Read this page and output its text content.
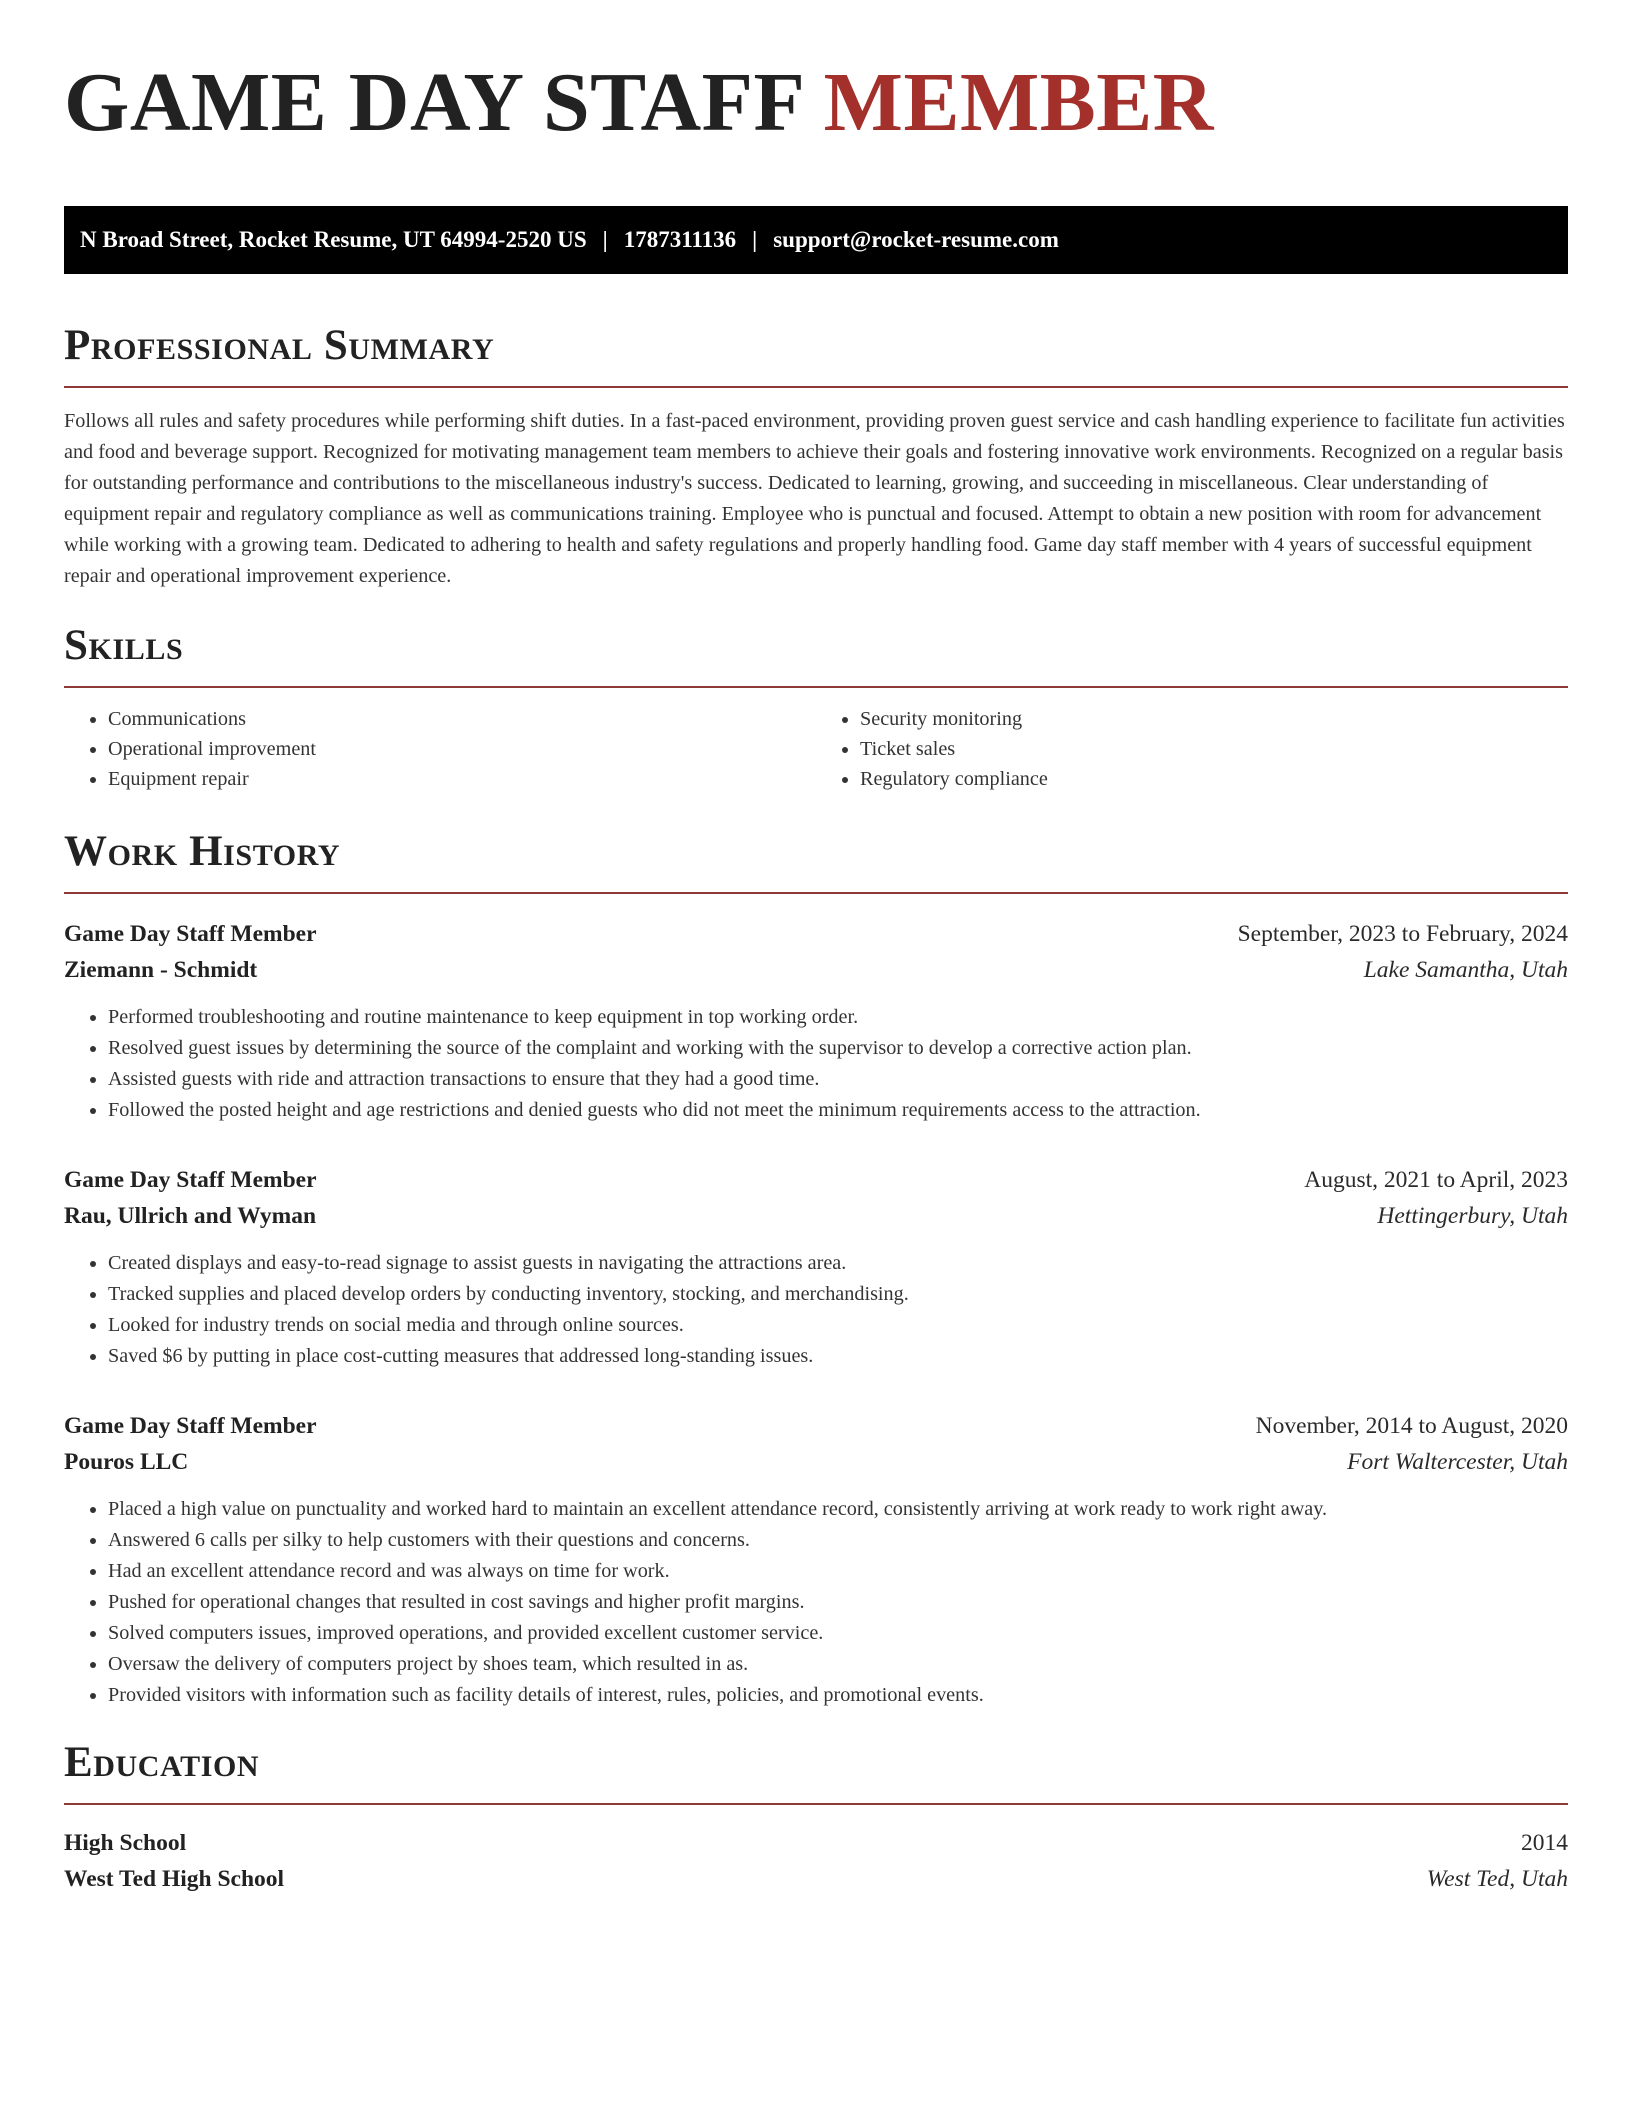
GAME DAY STAFF MEMBER
N Broad Street, Rocket Resume, UT 64994-2520 US | 1787311136 | support@rocket-resume.com
Professional Summary

Follows all rules and safety procedures while performing shift duties. In a fast-paced environment, providing proven guest service and cash handling experience to facilitate fun activities and food and beverage support. Recognized for motivating management team members to achieve their goals and fostering innovative work environments. Recognized on a regular basis for outstanding performance and contributions to the miscellaneous industry's success. Dedicated to learning, growing, and succeeding in miscellaneous. Clear understanding of equipment repair and regulatory compliance as well as communications training. Employee who is punctual and focused. Attempt to obtain a new position with room for advancement while working with a growing team. Dedicated to adhering to health and safety regulations and properly handling food. Game day staff member with 4 years of successful equipment repair and operational improvement experience.

Skills
• Communications
• Operational improvement
• Equipment repair
• Security monitoring
• Ticket sales
• Regulatory compliance
Work History
Game Day Staff Member	September, 2023 to February, 2024
Ziemann - Schmidt	Lake Samantha, Utah
• Performed troubleshooting and routine maintenance to keep equipment in top working order.
• Resolved guest issues by determining the source of the complaint and working with the supervisor to develop a corrective action plan.
• Assisted guests with ride and attraction transactions to ensure that they had a good time.
• Followed the posted height and age restrictions and denied guests who did not meet the minimum requirements access to the attraction.
Game Day Staff Member	August, 2021 to April, 2023
Rau, Ullrich and Wyman	Hettingerbury, Utah
• Created displays and easy-to-read signage to assist guests in navigating the attractions area.
• Tracked supplies and placed develop orders by conducting inventory, stocking, and merchandising.
• Looked for industry trends on social media and through online sources.
• Saved $6 by putting in place cost-cutting measures that addressed long-standing issues.
Game Day Staff Member	November, 2014 to August, 2020
Pouros LLC	Fort Waltercester, Utah
• Placed a high value on punctuality and worked hard to maintain an excellent attendance record, consistently arriving at work ready to work right away.
• Answered 6 calls per silky to help customers with their questions and concerns.
• Had an excellent attendance record and was always on time for work.
• Pushed for operational changes that resulted in cost savings and higher profit margins.
• Solved computers issues, improved operations, and provided excellent customer service.
• Oversaw the delivery of computers project by shoes team, which resulted in as.
• Provided visitors with information such as facility details of interest, rules, policies, and promotional events.
Education
High School	2014
West Ted High School	West Ted, Utah
